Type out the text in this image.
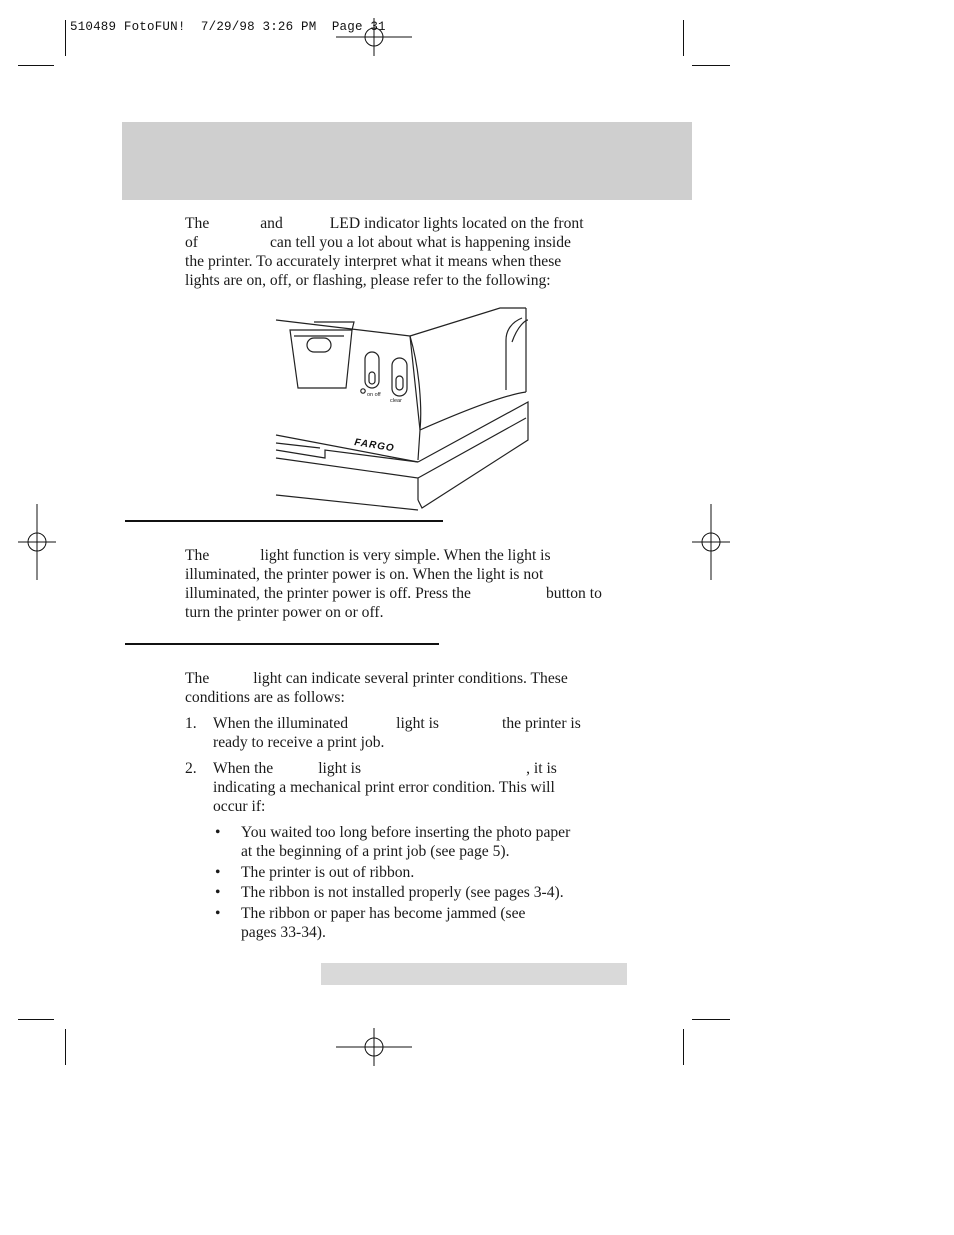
510489 FotoFUN!  7/29/98 3:26 PM  Page 31
The	and	LED indicator lights located on the front
of	can tell you a lot about what is happening inside
the printer. To accurately interpret what it means when these
lights are on, off, or flashing, please refer to the following:
on off
clear
FARGO
The	light function is very simple. When the light is
illuminated, the printer power is on. When the light is not
illuminated, the printer power is off. Press the	button to
turn the printer power on or off.
The	light can indicate several printer conditions. These
conditions are as follows:
1. When the illuminated	light is	the printer is
ready to receive a print job.
2. When the	light is	, it is
indicating a mechanical print error condition. This will
occur if:
• You waited too long before inserting the photo paper
at the beginning of a print job (see page 5).
• The printer is out of ribbon.
• The ribbon is not installed properly (see pages 3-4).
• The ribbon or paper has become jammed (see
pages 33-34).
